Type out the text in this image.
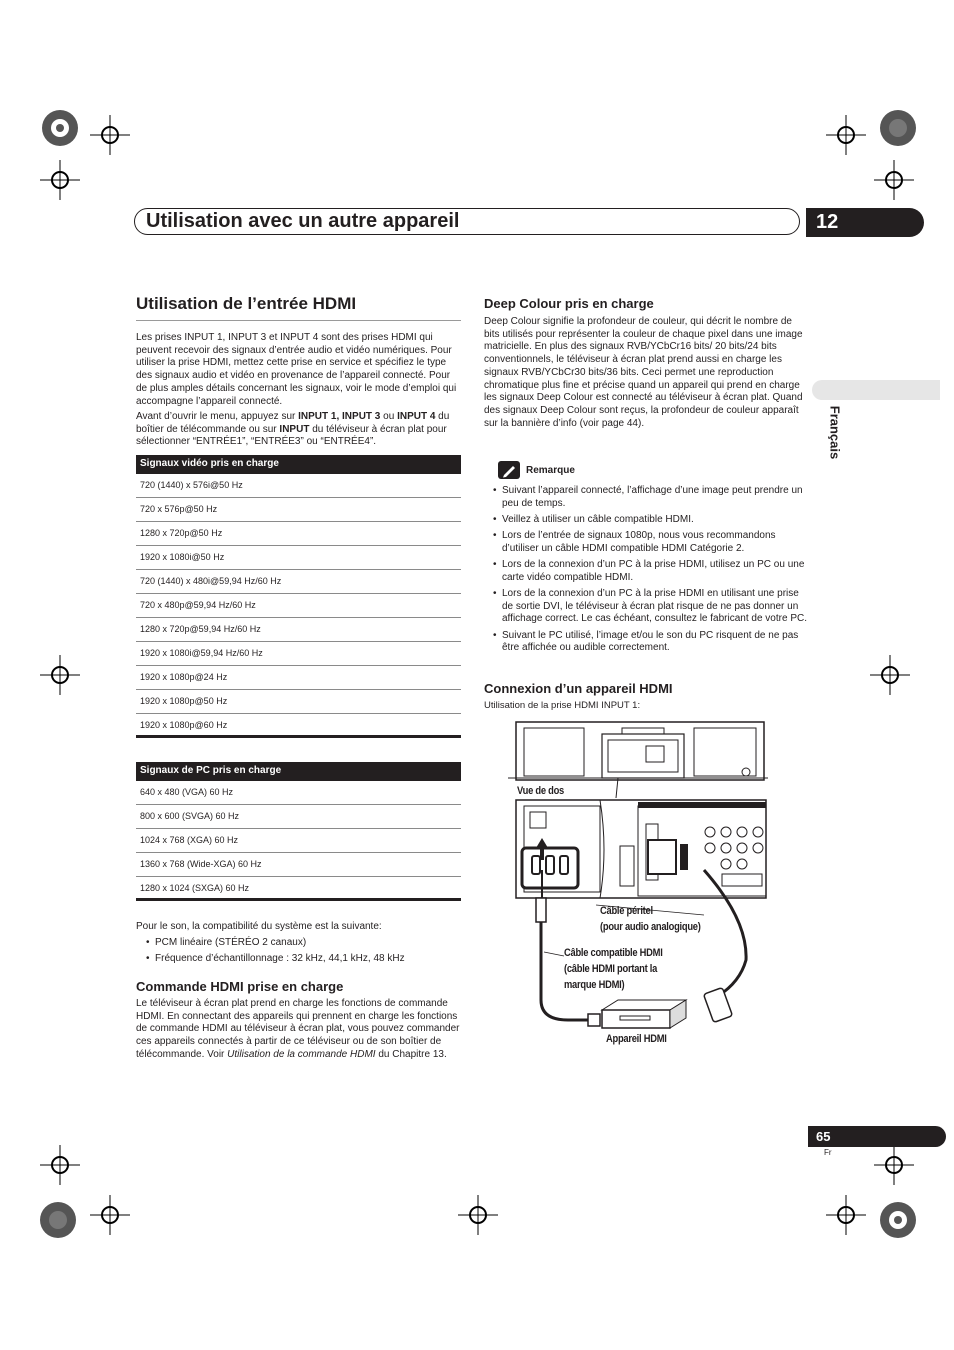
Utilisation avec un autre appareil	12
Français
Utilisation de l’entrée HDMI

Les prises INPUT 1, INPUT 3 et INPUT 4 sont des prises HDMI qui peuvent recevoir des signaux d’entrée audio et vidéo numériques. Pour utiliser la prise HDMI, mettez cette prise en service et spécifiez le type des signaux audio et vidéo en provenance de l’appareil connecté. Pour de plus amples détails concernant les signaux, voir le mode d’emploi qui accompagne l’appareil connecté.

Avant d’ouvrir le menu, appuyez sur INPUT 1, INPUT 3 ou INPUT 4 du boîtier de télécommande ou sur INPUT du téléviseur à écran plat pour sélectionner “ENTRÉE1”, “ENTRÉE3” ou “ENTRÉE4”.

Signaux vidéo pris en charge
720 (1440) x 576i@50 Hz
720 x 576p@50 Hz
1280 x 720p@50 Hz
1920 x 1080i@50 Hz
720 (1440) x 480i@59,94 Hz/60 Hz
720 x 480p@59,94 Hz/60 Hz
1280 x 720p@59,94 Hz/60 Hz
1920 x 1080i@59,94 Hz/60 Hz
1920 x 1080p@24 Hz
1920 x 1080p@50 Hz
1920 x 1080p@60 Hz
Signaux de PC pris en charge
640 x 480 (VGA) 60 Hz
800 x 600 (SVGA) 60 Hz
1024 x 768 (XGA) 60 Hz
1360 x 768 (Wide-XGA) 60 Hz
1280 x 1024 (SXGA) 60 Hz

Pour le son, la compatibilité du système est la suivante:

• PCM linéaire (STÉRÉO 2 canaux)
• Fréquence d’échantillonnage : 32 kHz, 44,1 kHz, 48 kHz
Commande HDMI prise en charge

Le téléviseur à écran plat prend en charge les fonctions de commande HDMI. En connectant des appareils qui prennent en charge les fonctions de commande HDMI au téléviseur à écran plat, vous pouvez commander ces appareils connectés à partir de ce téléviseur ou de son boîtier de télécommande. Voir Utilisation de la commande HDMI du Chapitre 13.

Deep Colour pris en charge

Deep Colour signifie la profondeur de couleur, qui décrit le nombre de bits utilisés pour représenter la couleur de chaque pixel dans une image matricielle. En plus des signaux RVB/YCbCr16 bits/ 20 bits/24 bits conventionnels, le téléviseur à écran plat prend aussi en charge les signaux RVB/YCbCr30 bits/36 bits. Ceci permet une reproduction chromatique plus fine et précise quand un appareil qui prend en charge les signaux Deep Colour est connecté au téléviseur à écran plat. Quand des signaux Deep Colour sont reçus, la profondeur de couleur apparaît sur la bannière d’info (voir page 44).

Remarque
• Suivant l’appareil connecté, l’affichage d’une image peut prendre un peu de temps.
• Veillez à utiliser un câble compatible HDMI.
• Lors de l’entrée de signaux 1080p, nous vous recommandons d’utiliser un câble HDMI compatible HDMI Catégorie 2.
• Lors de la connexion d’un PC à la prise HDMI, utilisez un PC ou une carte vidéo compatible HDMI.
• Lors de la connexion d’un PC à la prise HDMI en utilisant une prise de sortie DVI, le téléviseur à écran plat risque de ne pas donner un affichage correct. Le cas échéant, consultez le fabricant de votre PC.
• Suivant le PC utilisé, l’image et/ou le son du PC risquent de ne pas être affichée ou audible correctement.
Connexion d’un appareil HDMI

Utilisation de la prise HDMI INPUT 1:

Vue de dos
Câble péritel
(pour audio analogique)
Câble compatible HDMI
(câble HDMI portant la
marque HDMI)
Appareil HDMI
65
Fr
